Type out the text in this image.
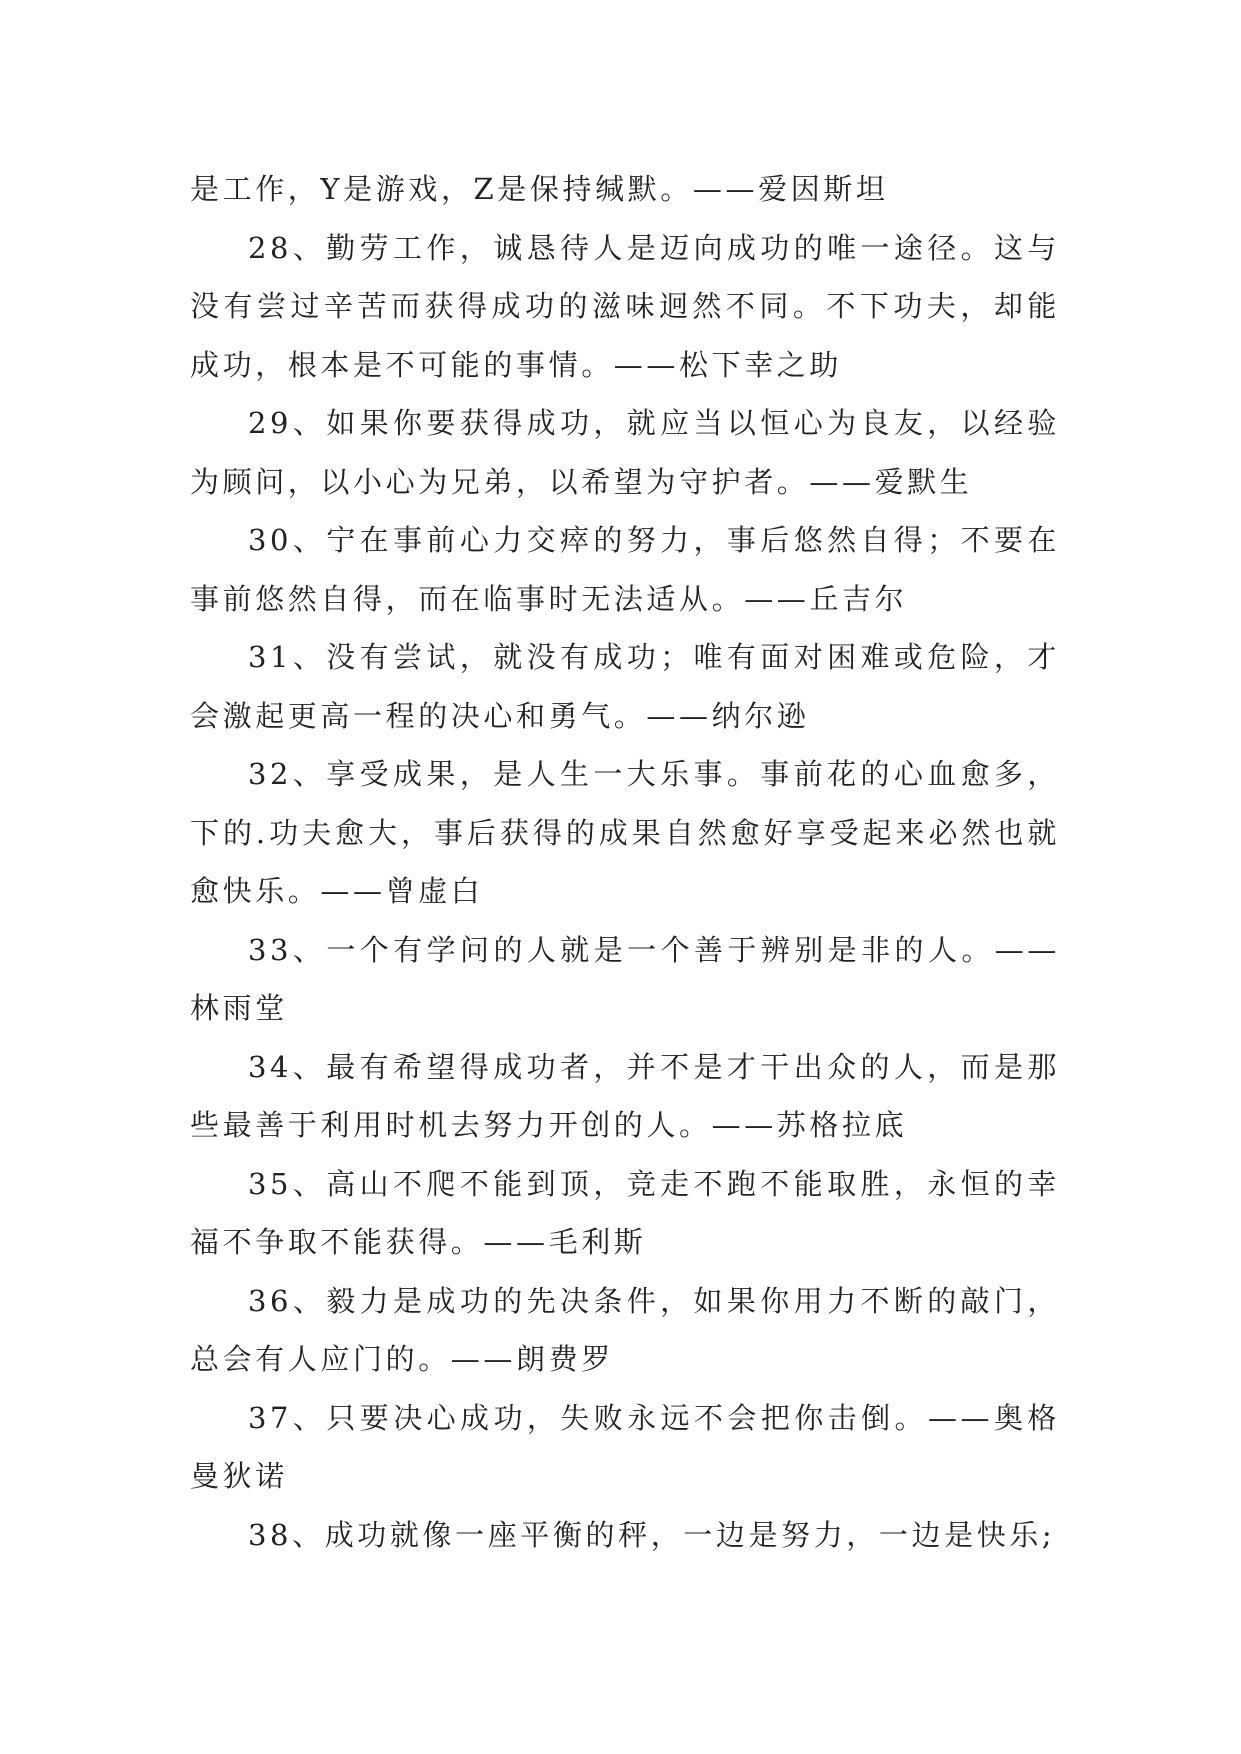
是工作，Y是游戏，Z是保持缄默。——爱因斯坦

28、勤劳工作，诚恳待人是迈向成功的唯一途径。这与没有尝过辛苦而获得成功的滋味迥然不同。不下功夫，却能成功，根本是不可能的事情。——松下幸之助

29、如果你要获得成功，就应当以恒心为良友，以经验为顾问，以小心为兄弟，以希望为守护者。——爱默生

30、宁在事前心力交瘁的努力，事后悠然自得；不要在事前悠然自得，而在临事时无法适从。——丘吉尔

31、没有尝试，就没有成功；唯有面对困难或危险，才会激起更高一程的决心和勇气。——纳尔逊

32、享受成果，是人生一大乐事。事前花的心血愈多，下的.功夫愈大，事后获得的成果自然愈好享受起来必然也就愈快乐。——曾虚白

33、一个有学问的人就是一个善于辨别是非的人。——林雨堂

34、最有希望得成功者，并不是才干出众的人，而是那些最善于利用时机去努力开创的人。——苏格拉底

35、高山不爬不能到顶，竞走不跑不能取胜，永恒的幸福不争取不能获得。——毛利斯

36、毅力是成功的先决条件，如果你用力不断的敲门，总会有人应门的。——朗费罗

37、只要决心成功，失败永远不会把你击倒。——奥格曼狄诺

38、成功就像一座平衡的秤，一边是努力，一边是快乐;
